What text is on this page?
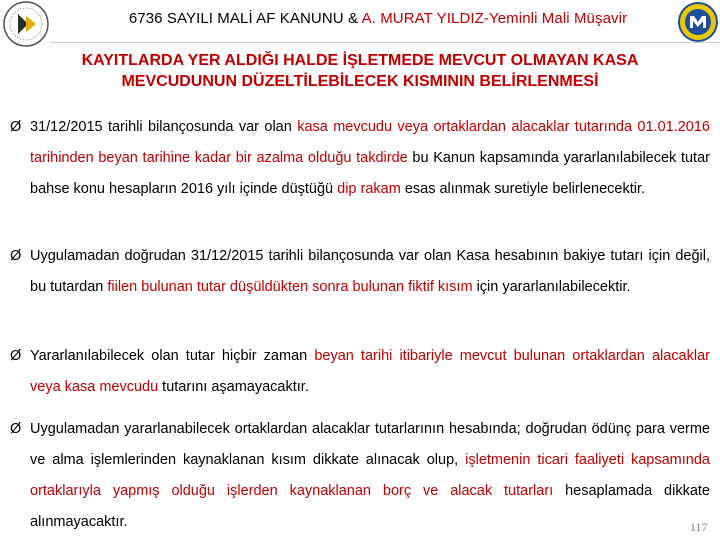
6736 SAYILI MALİ AF KANUNU & A. MURAT YILDIZ-Yeminli Mali Müşavir
KAYITLARDA YER ALDIĞI HALDE İŞLETMEDE MEVCUT OLMAYAN KASA
MEVCUDUNUN DÜZELTİLEBİLECEK KISMININ BELİRLENMESİ
Ø 31/12/2015 tarihli bilançosunda var olan kasa mevcudu veya ortaklardan alacaklar tutarında 01.01.2016 tarihinden beyan tarihine kadar bir azalma olduğu takdirde bu Kanun kapsamında yararlanılabilecek tutar bahse konu hesapların 2016 yılı içinde düştüğü dip rakam esas alınmak suretiyle belirlenecektir.

Ø Uygulamadan doğrudan 31/12/2015 tarihli bilançosunda var olan Kasa hesabının bakiye tutarı için değil, bu tutardan fiilen bulunan tutar düşüldükten sonra bulunan fiktif kısım için yararlanılabilecektir.

Ø Yararlanılabilecek olan tutar hiçbir zaman beyan tarihi itibariyle mevcut bulunan ortaklardan alacaklar veya kasa mevcudu tutarını aşamayacaktır.

Ø Uygulamadan yararlanabilecek ortaklardan alacaklar tutarlarının hesabında; doğrudan ödünç para verme ve alma işlemlerinden kaynaklanan kısım dikkate alınacak olup, işletmenin ticari faaliyeti kapsamında ortaklarıyla yapmış olduğu işlerden kaynaklanan borç ve alacak tutarları hesaplamada dikkate alınmayacaktır.	117
